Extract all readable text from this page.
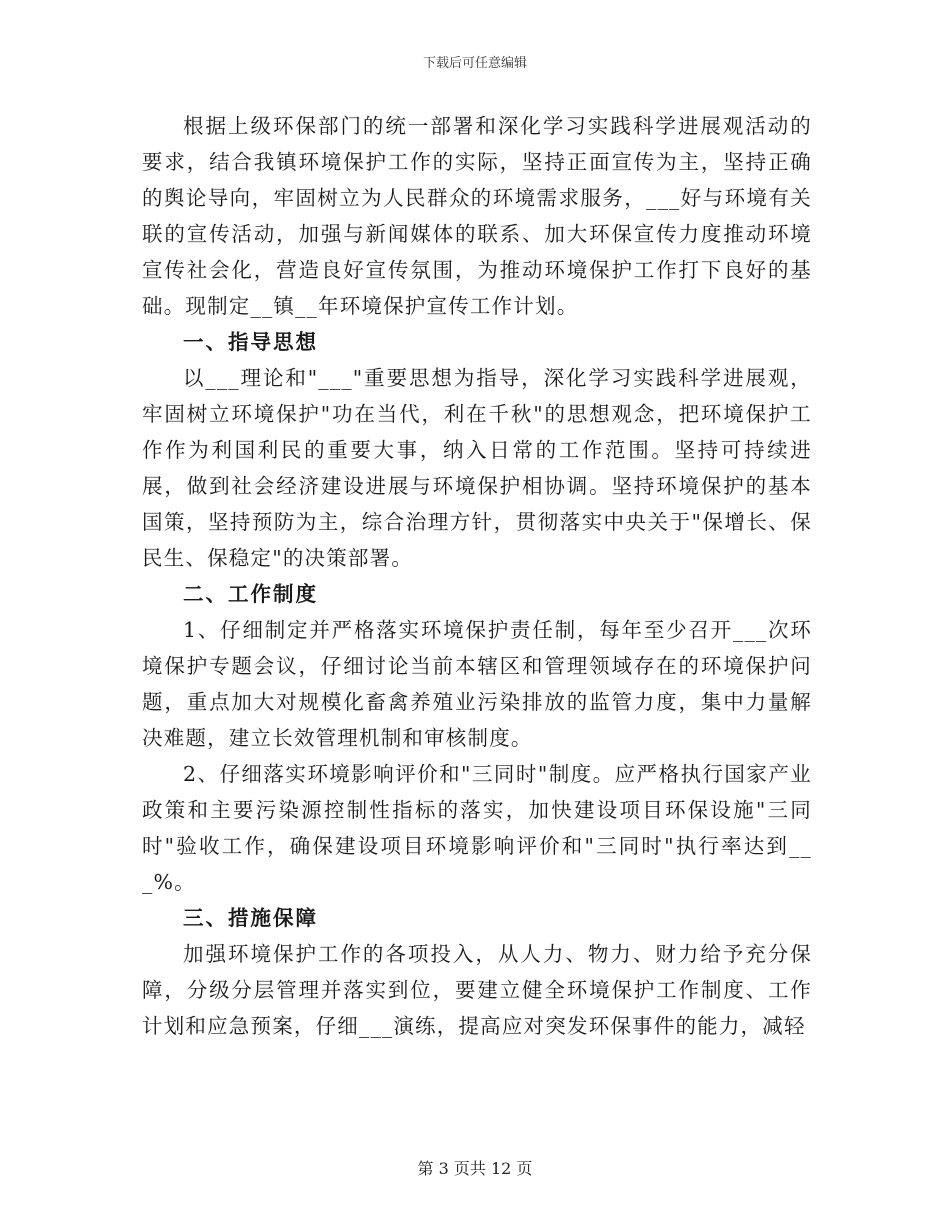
下载后可任意编辑

根据上级环保部门的统一部署和深化学习实践科学进展观活动的要求，结合我镇环境保护工作的实际，坚持正面宣传为主，坚持正确的舆论导向，牢固树立为人民群众的环境需求服务，___好与环境有关联的宣传活动，加强与新闻媒体的联系、加大环保宣传力度推动环境宣传社会化，营造良好宣传氛围，为推动环境保护工作打下良好的基础。现制定__镇__年环境保护宣传工作计划。

一、指导思想

以___理论和"___"重要思想为指导，深化学习实践科学进展观，牢固树立环境保护"功在当代，利在千秋"的思想观念，把环境保护工作作为利国利民的重要大事，纳入日常的工作范围。坚持可持续进展，做到社会经济建设进展与环境保护相协调。坚持环境保护的基本国策，坚持预防为主，综合治理方针，贯彻落实中央关于"保增长、保民生、保稳定"的决策部署。

二、工作制度

1、仔细制定并严格落实环境保护责任制，每年至少召开___次环境保护专题会议，仔细讨论当前本辖区和管理领域存在的环境保护问题，重点加大对规模化畜禽养殖业污染排放的监管力度，集中力量解决难题，建立长效管理机制和审核制度。

2、仔细落实环境影响评价和"三同时"制度。应严格执行国家产业政策和主要污染源控制性指标的落实，加快建设项目环保设施"三同时"验收工作，确保建设项目环境影响评价和"三同时"执行率达到___%。

三、措施保障

加强环境保护工作的各项投入，从人力、物力、财力给予充分保障，分级分层管理并落实到位，要建立健全环境保护工作制度、工作计划和应急预案，仔细___演练，提高应对突发环保事件的能力，减轻

第 3 页共 12 页
